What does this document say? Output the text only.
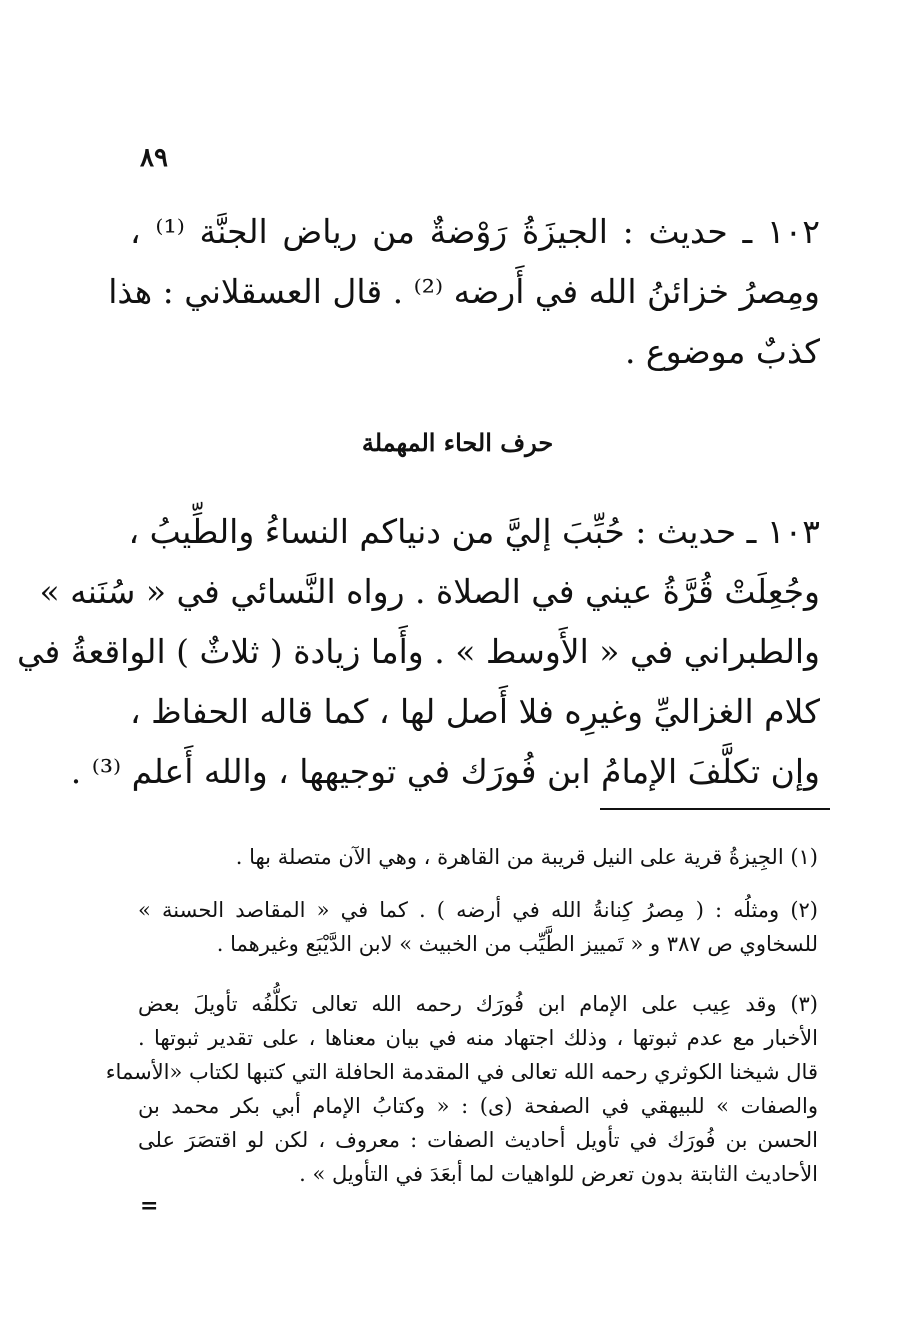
٨٩
١٠٢ ـ حديث : الجيزَةُ رَوْضةٌ من رياض الجنَّة ⁽¹⁾ ،
ومِصرُ خزائنُ الله في أَرضه ⁽²⁾ . قال العسقلاني : هذا
كذبٌ موضوع .
حرف الحاء المهملة
١٠٣ ـ حديث : حُبِّبَ إليَّ من دنياكم النساءُ والطِّيبُ ،
وجُعِلَتْ قُرَّةُ عيني في الصلاة . رواه النَّسائي في « سُنَنه »
والطبراني في « الأَوسط » . وأَما زيادة ( ثلاثٌ ) الواقعةُ في
كلام الغزاليِّ وغيرِه فلا أَصل لها ، كما قاله الحفاظ ،
وإن تكلَّفَ الإمامُ ابن فُورَك في توجيهها ، والله أَعلم ⁽³⁾ .
(١) الجِيزةُ قرية على النيل قريبة من القاهرة ، وهي الآن متصلة بها .
(٢) ومثلُه : ( مِصرُ كِنانةُ الله في أرضه ) . كما في « المقاصد الحسنة »
للسخاوي ص ٣٨٧ و « تَمييز الطَّيِّب من الخبيث » لابن الدَّيْبَع وغيرهما .
(٣) وقد عِيب على الإمام ابن فُورَك رحمه الله تعالى تكلُّفُه تأويلَ بعض
الأخبار مع عدم ثبوتها ، وذلك اجتهاد منه في بيان معناها ، على تقدير ثبوتها .
قال شيخنا الكوثري رحمه الله تعالى في المقدمة الحافلة التي كتبها لكتاب «الأسماء
والصفات » للبيهقي في الصفحة (ى) : « وكتابُ الإمام أبي بكر محمد بن
الحسن بن فُورَك في تأويل أحاديث الصفات : معروف ، لكن لو اقتصَرَ على
الأحاديث الثابتة بدون تعرض للواهيات لما أبعَدَ في التأويل » .
=
